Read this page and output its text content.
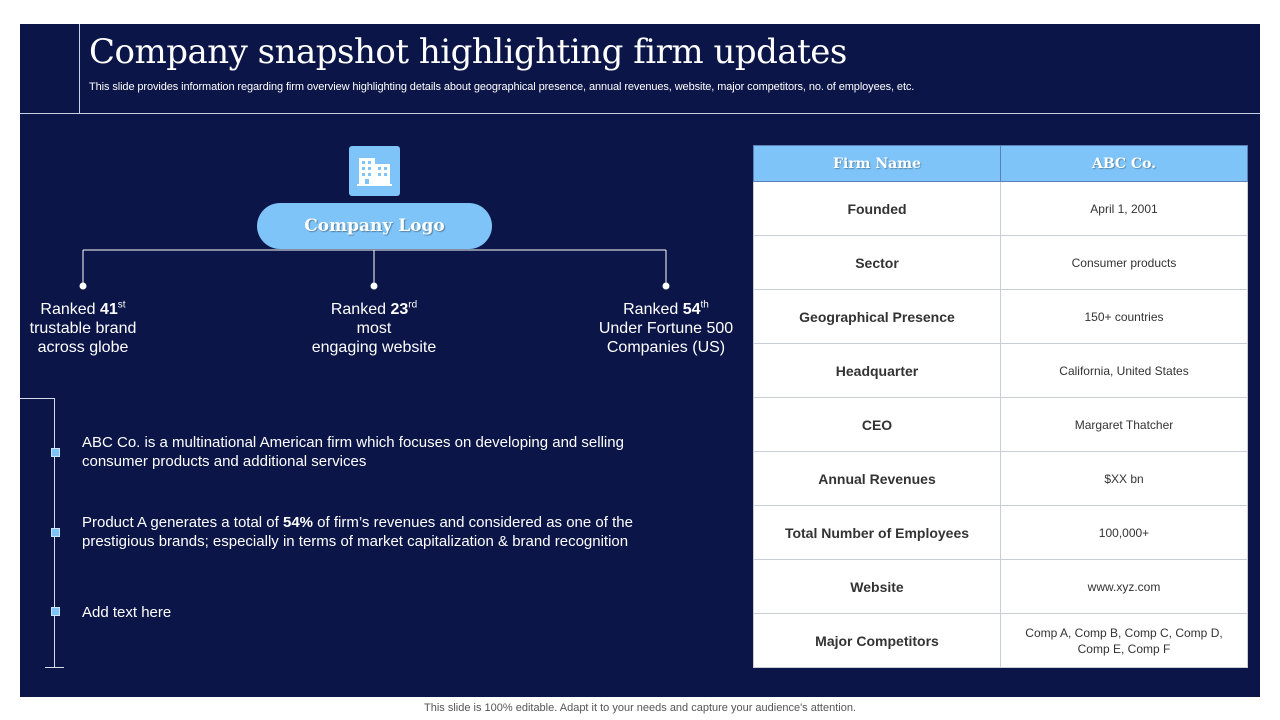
Company snapshot highlighting firm updates

This slide provides information regarding firm overview highlighting details about geographical presence, annual revenues, website, major competitors, no. of employees, etc.

Company Logo
Ranked 41st
trustable brand
across globe
Ranked 23rd
most
engaging website
Ranked 54th
Under Fortune 500
Companies (US)
ABC Co. is a multinational American firm which focuses on developing and selling consumer products and additional services
Product A generates a total of 54% of firm’s revenues and considered as one of the prestigious brands; especially in terms of market capitalization & brand recognition
Add text here
Firm Name	ABC Co.
Founded	April 1, 2001
Sector	Consumer products
Geographical Presence	150+ countries
Headquarter	California, United States
CEO	Margaret Thatcher
Annual Revenues	$XX bn
Total Number of Employees	100,000+
Website	www.xyz.com
Major Competitors	Comp A, Comp B, Comp C, Comp D, Comp E, Comp F
This slide is 100% editable. Adapt it to your needs and capture your audience's attention.
